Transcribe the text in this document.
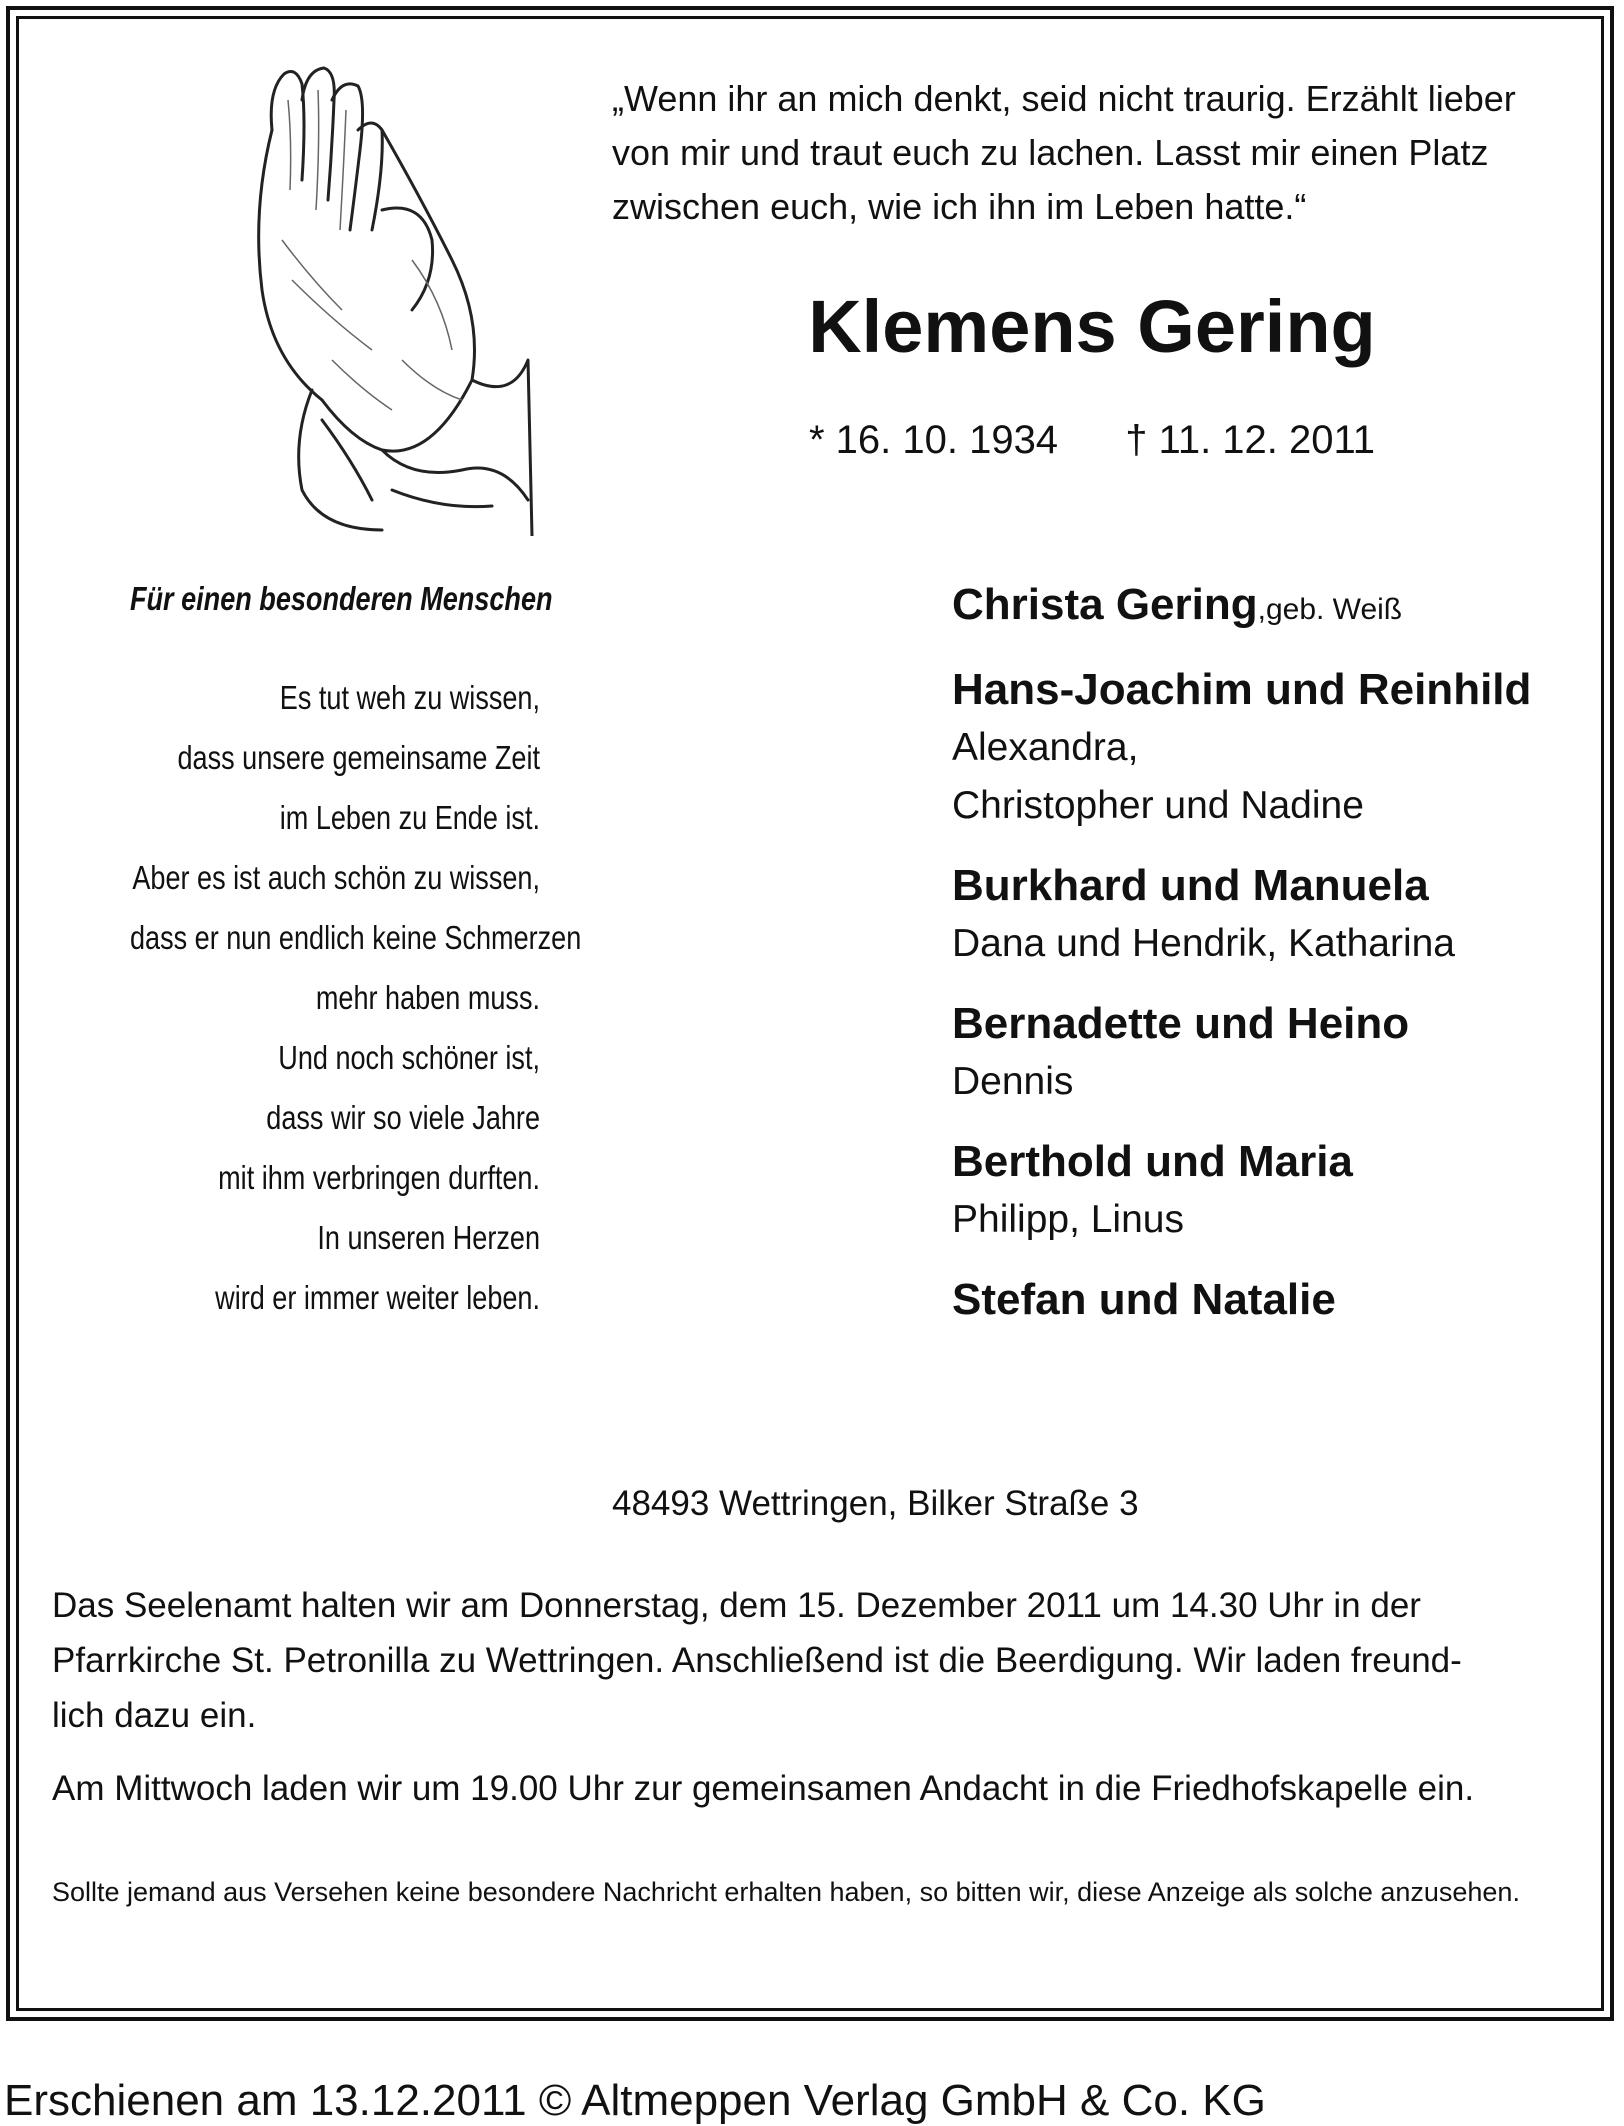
„Wenn ihr an mich denkt, seid nicht traurig. Erzählt lieber
von mir und traut euch zu lachen. Lasst mir einen Platz
zwischen euch, wie ich ihn im Leben hatte.“
Klemens Gering
* 16. 10. 1934 † 11. 12. 2011
Für einen besonderen Menschen
Es tut weh zu wissen,
dass unsere gemeinsame Zeit
im Leben zu Ende ist.
Aber es ist auch schön zu wissen,
dass er nun endlich keine Schmerzen
mehr haben muss.
Und noch schöner ist,
dass wir so viele Jahre
mit ihm verbringen durften.
In unseren Herzen
wird er immer weiter leben.
Christa Gering,geb. Weiß
Hans-Joachim und Reinhild
Alexandra,
Christopher und Nadine
Burkhard und Manuela
Dana und Hendrik, Katharina
Bernadette und Heino
Dennis
Berthold und Maria
Philipp, Linus
Stefan und Natalie
48493 Wettringen, Bilker Straße 3

Das Seelenamt halten wir am Donnerstag, dem 15. Dezember 2011 um 14.30 Uhr in der
Pfarrkirche St. Petronilla zu Wettringen. Anschließend ist die Beerdigung. Wir laden freund-
lich dazu ein.

Am Mittwoch laden wir um 19.00 Uhr zur gemeinsamen Andacht in die Friedhofskapelle ein.

Sollte jemand aus Versehen keine besondere Nachricht erhalten haben, so bitten wir, diese Anzeige als solche anzusehen.
Erschienen am 13.12.2011 © Altmeppen Verlag GmbH & Co. KG
